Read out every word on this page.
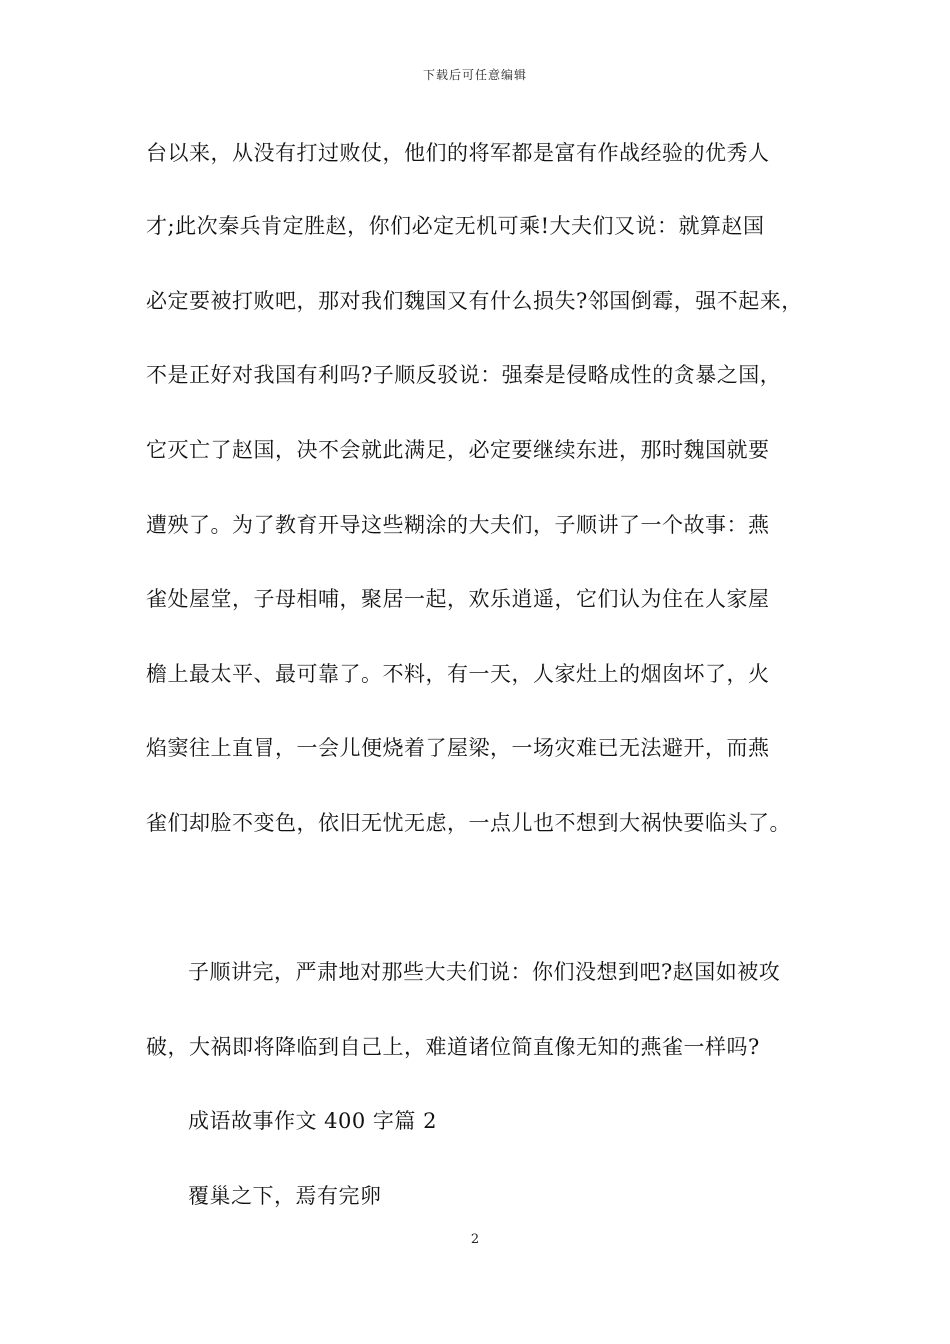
下载后可任意编辑
台以来，从没有打过败仗，他们的将军都是富有作战经验的优秀人
才;此次秦兵肯定胜赵，你们必定无机可乘!大夫们又说：就算赵国
必定要被打败吧，那对我们魏国又有什么损失?邻国倒霉，强不起来，
不是正好对我国有利吗?子顺反驳说：强秦是侵略成性的贪暴之国，
它灭亡了赵国，决不会就此满足，必定要继续东进，那时魏国就要
遭殃了。为了教育开导这些糊涂的大夫们，子顺讲了一个故事：燕
雀处屋堂，子母相哺，聚居一起，欢乐逍遥，它们认为住在人家屋
檐上最太平、最可靠了。不料，有一天，人家灶上的烟囱坏了，火
焰窦往上直冒，一会儿便烧着了屋梁，一场灾难已无法避开，而燕
雀们却脸不变色，依旧无忧无虑，一点儿也不想到大祸快要临头了。
子顺讲完，严肃地对那些大夫们说：你们没想到吧?赵国如被攻
破，大祸即将降临到自己上，难道诸位简直像无知的燕雀一样吗?
成语故事作文 400 字篇 2
覆巢之下，焉有完卵
2
